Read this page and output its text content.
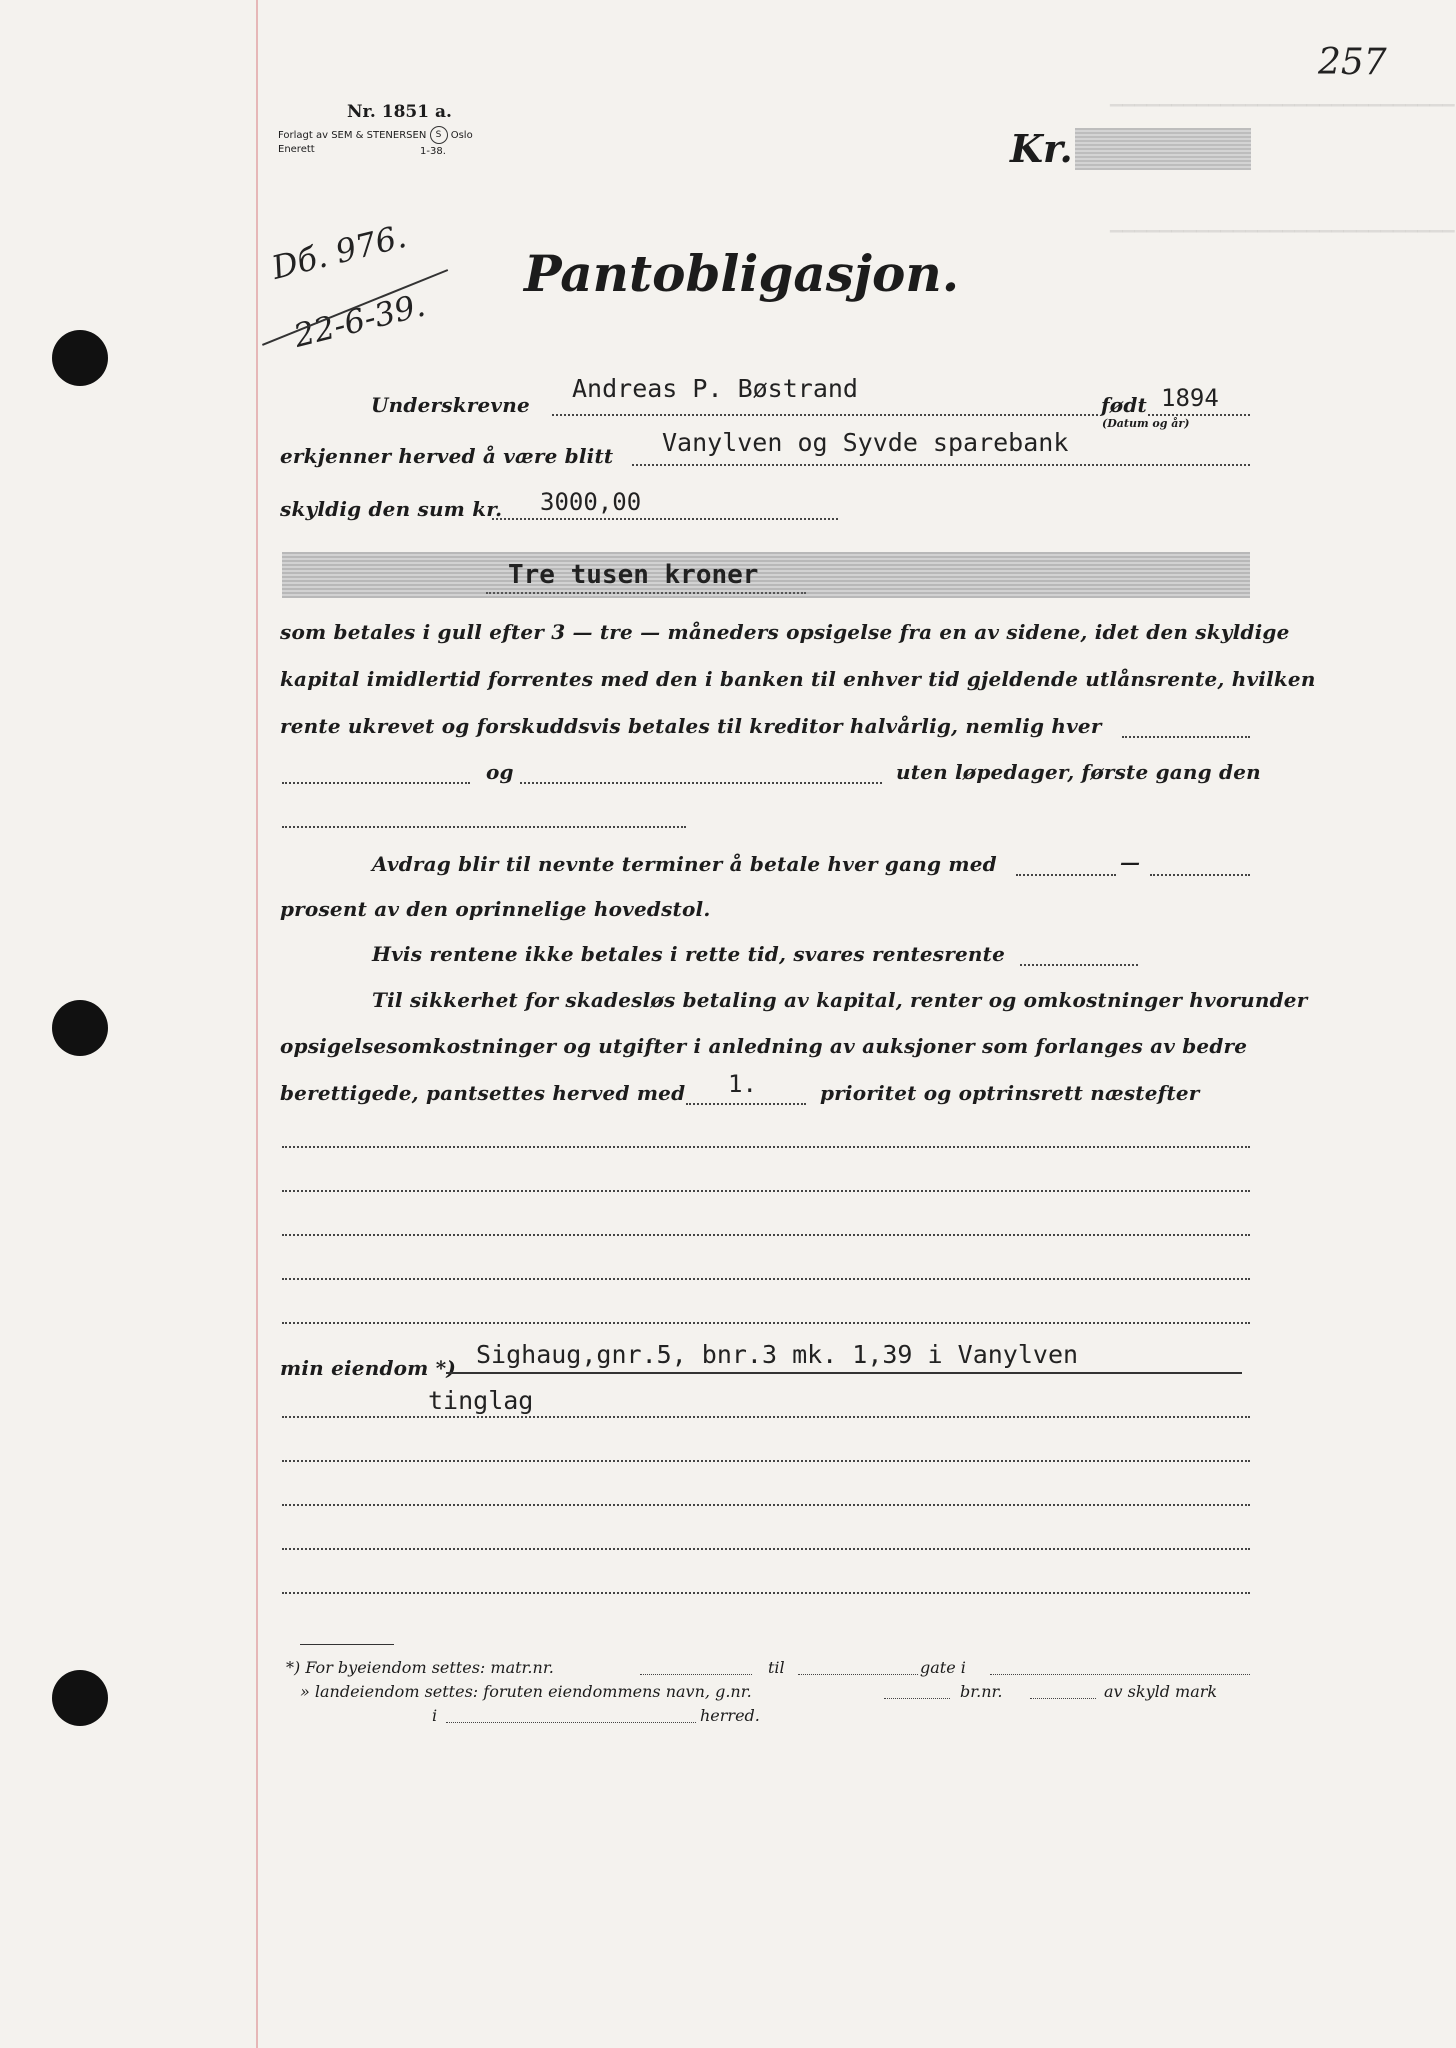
▔▔▔▔▔▔▔▔▔▔▔▔▔▔▔▔▔▔▔▔▔▔▔▔▔▔▔▔
▔▔▔▔▔▔▔▔▔▔▔▔▔▔▔▔▔▔▔▔▔▔▔▔▔▔▔▔
Nr. 1851 a.
Forlagt av SEM & STENERSEN S Oslo
Enerett	1-38.	Kr.
257
Pantobligasjon.
Dб. 976.
22-6-39.
Underskrevne
Andreas P. Bøstrand
født 1894
(Datum og år)
erkjenner herved å være blitt Vanylven og Syvde sparebank
skyldig den sum kr. 3000,00
Tre tusen kroner
som betales i gull efter 3 — tre — måneders opsigelse fra en av sidene, idet den skyldige
kapital imidlertid forrentes med den i banken til enhver tid gjeldende utlånsrente, hvilken
rente ukrevet og forskuddsvis betales til kreditor halvårlig, nemlig hver
og	uten løpedager, første gang den
Avdrag blir til nevnte terminer å betale hver gang med	—
prosent av den oprinnelige hovedstol.
Hvis rentene ikke betales i rette tid, svares rentesrente
Til sikkerhet for skadesløs betaling av kapital, renter og omkostninger hvorunder
opsigelsesomkostninger og utgifter i anledning av auksjoner som forlanges av bedre
berettigede, pantsettes herved med 1.	prioritet og optrinsrett næstefter
min eiendom *) Sighaug,gnr.5, bnr.3 mk. 1,39 i Vanylven
tinglag
*) For byeiendom settes: matr.nr.	til	gate i
» landeiendom settes: foruten eiendommens navn, g.nr.	br.nr.	av skyld mark
i	herred.
